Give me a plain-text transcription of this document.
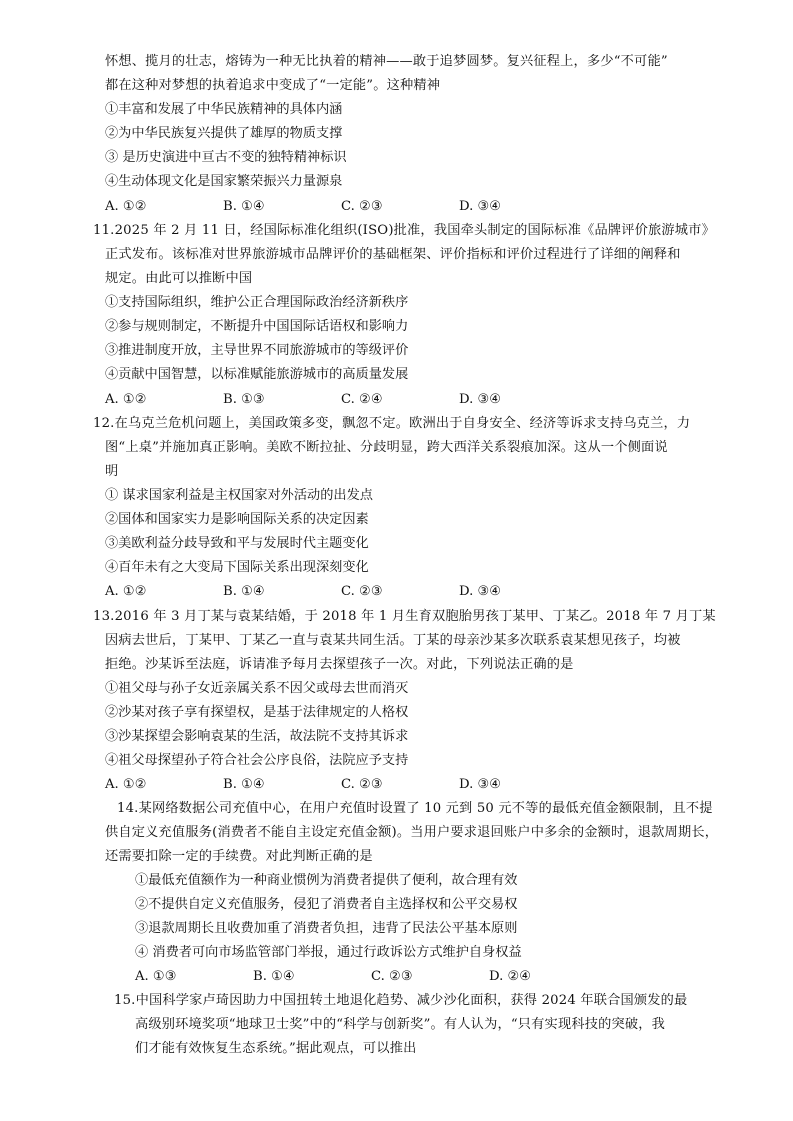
怀想、揽月的壮志，熔铸为一种无比执着的精神——敢于追梦圆梦。复兴征程上，多少“不可能”
都在这种对梦想的执着追求中变成了“一定能”。这种精神
①丰富和发展了中华民族精神的具体内涵
②为中华民族复兴提供了雄厚的物质支撑
③ 是历史演进中亘古不变的独特精神标识
④生动体现文化是国家繁荣振兴力量源泉
A. ①②	B. ①④	C. ②③	D. ③④
11.2025 年 2 月 11 日，经国际标准化组织(ISO)批准，我国牵头制定的国际标准《品牌评价旅游城市》
正式发布。该标准对世界旅游城市品牌评价的基础框架、评价指标和评价过程进行了详细的阐释和
规定。由此可以推断中国
①支持国际组织，维护公正合理国际政治经济新秩序
②参与规则制定，不断提升中国国际话语权和影响力
③推进制度开放，主导世界不同旅游城市的等级评价
④贡献中国智慧，以标准赋能旅游城市的高质量发展
A. ①②	B. ①③	C. ②④	D. ③④
12.在乌克兰危机问题上，美国政策多变，飘忽不定。欧洲出于自身安全、经济等诉求支持乌克兰，力
图“上桌”并施加真正影响。美欧不断拉扯、分歧明显，跨大西洋关系裂痕加深。这从一个侧面说
明
① 谋求国家利益是主权国家对外活动的出发点
②国体和国家实力是影响国际关系的决定因素
③美欧利益分歧导致和平与发展时代主题变化
④百年未有之大变局下国际关系出现深刻变化
A. ①②	B. ①④	C. ②③	D. ③④
13.2016 年 3 月丁某与袁某结婚，于 2018 年 1 月生育双胞胎男孩丁某甲、丁某乙。2018 年 7 月丁某
因病去世后，丁某甲、丁某乙一直与袁某共同生活。丁某的母亲沙某多次联系袁某想见孩子，均被
拒绝。沙某诉至法庭，诉请准予每月去探望孩子一次。对此，下列说法正确的是
①祖父母与孙子女近亲属关系不因父或母去世而消灭
②沙某对孩子享有探望权，是基于法律规定的人格权
③沙某探望会影响袁某的生活，故法院不支持其诉求
④祖父母探望孙子符合社会公序良俗，法院应予支持
A. ①②	B. ①④	C. ②③	D. ③④
14.某网络数据公司充值中心，在用户充值时设置了 10 元到 50 元不等的最低充值金额限制，且不提
供自定义充值服务(消费者不能自主设定充值金额)。当用户要求退回账户中多余的金额时，退款周期长，
还需要扣除一定的手续费。对此判断正确的是
①最低充值额作为一种商业惯例为消费者提供了便利，故合理有效
②不提供自定义充值服务，侵犯了消费者自主选择权和公平交易权
③退款周期长且收费加重了消费者负担，违背了民法公平基本原则
④ 消费者可向市场监管部门举报，通过行政诉讼方式维护自身权益
A. ①③	B. ①④	C. ②③	D. ②④
15.中国科学家卢琦因助力中国扭转土地退化趋势、减少沙化面积，获得 2024 年联合国颁发的最
高级别环境奖项“地球卫士奖”中的“科学与创新奖”。有人认为，“只有实现科技的突破，我
们才能有效恢复生态系统。”据此观点，可以推出
